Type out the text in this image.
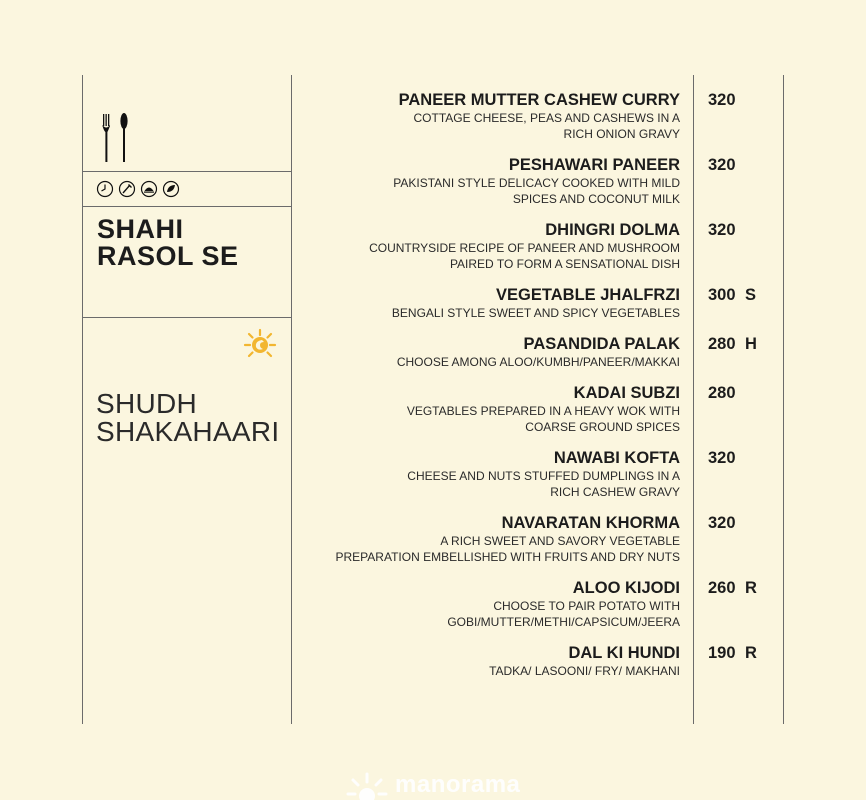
SHAHI
RASOL SE
SHUDH
SHAKAHAARI
PANEER MUTTER CASHEW CURRY
COTTAGE CHEESE, PEAS AND CASHEWS IN A
RICH ONION GRAVY
320
PESHAWARI PANEER
PAKISTANI STYLE DELICACY COOKED WITH MILD
SPICES AND COCONUT MILK
320
DHINGRI DOLMA
COUNTRYSIDE RECIPE OF PANEER AND MUSHROOM
PAIRED TO FORM A SENSATIONAL DISH
320
VEGETABLE JHALFRZI
BENGALI STYLE SWEET AND SPICY VEGETABLES
300 S
PASANDIDA PALAK
CHOOSE AMONG ALOO/KUMBH/PANEER/MAKKAI
280 H
KADAI SUBZI
VEGTABLES PREPARED IN A HEAVY WOK WITH
COARSE GROUND SPICES
280
NAWABI KOFTA
CHEESE AND NUTS STUFFED DUMPLINGS IN A
RICH CASHEW GRAVY
320
NAVARATAN KHORMA
A RICH SWEET AND SAVORY VEGETABLE
PREPARATION EMBELLISHED WITH FRUITS AND DRY NUTS
320
ALOO KIJODI
CHOOSE TO PAIR POTATO WITH
GOBI/MUTTER/METHI/CAPSICUM/JEERA
260 R
DAL KI HUNDI
TADKA/ LASOONI/ FRY/ MAKHANI
190 R
manorama
